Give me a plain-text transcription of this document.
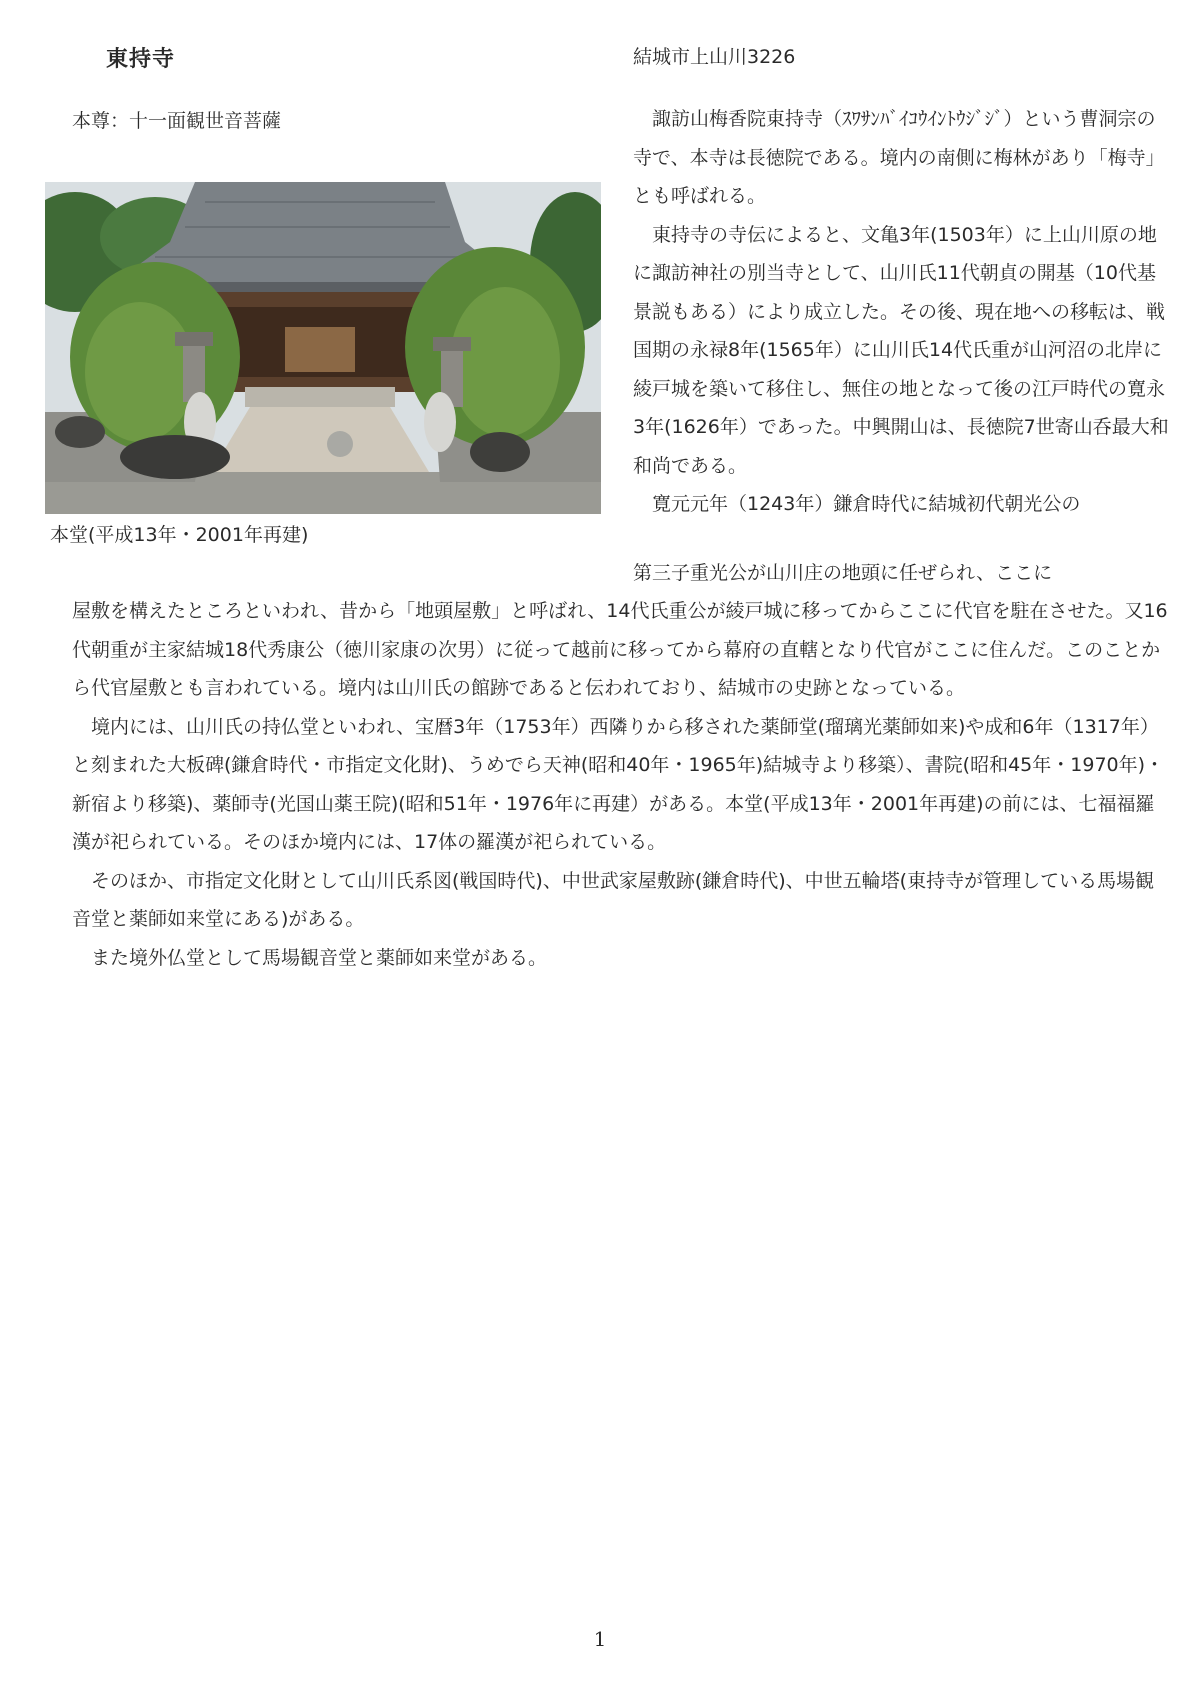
東持寺	結城市上山川3226
本尊：十一面観世音菩薩
本堂(平成13年・2001年再建)

諏訪山梅香院東持寺（ｽﾜｻﾝﾊﾞｲｺｳｲﾝﾄｳｼﾞｼﾞ）という曹洞宗の寺で、本寺は長徳院である。境内の南側に梅林があり「梅寺」とも呼ばれる。

東持寺の寺伝によると、文亀3年(1503年）に上山川原の地に諏訪神社の別当寺として、山川氏11代朝貞の開基（10代基景説もある）により成立した。その後、現在地への移転は、戦国期の永禄8年(1565年）に山川氏14代氏重が山河沼の北岸に綾戸城を築いて移住し、無住の地となって後の江戸時代の寛永3年(1626年）であった。中興開山は、長徳院7世寄山呑最大和和尚である。

寛元元年（1243年）鎌倉時代に結城初代朝光公の

第三子重光公が山川庄の地頭に任ぜられ、ここに

屋敷を構えたところといわれ、昔から「地頭屋敷」と呼ばれ、14代氏重公が綾戸城に移ってからここに代官を駐在させた。又16代朝重が主家結城18代秀康公（徳川家康の次男）に従って越前に移ってから幕府の直轄となり代官がここに住んだ。このことから代官屋敷とも言われている。境内は山川氏の館跡であると伝われており、結城市の史跡となっている。

境内には、山川氏の持仏堂といわれ、宝暦3年（1753年）西隣りから移された薬師堂(瑠璃光薬師如来)や成和6年（1317年）と刻まれた大板碑(鎌倉時代・市指定文化財)、うめでら天神(昭和40年・1965年)結城寺より移築）、書院(昭和45年・1970年)・新宿より移築)、薬師寺(光国山薬王院)(昭和51年・1976年に再建）がある。本堂(平成13年・2001年再建)の前には、七福福羅漢が祀られている。そのほか境内には、17体の羅漢が祀られている。

そのほか、市指定文化財として山川氏系図(戦国時代)、中世武家屋敷跡(鎌倉時代)、中世五輪塔(東持寺が管理している馬場観音堂と薬師如来堂にある)がある。

また境外仏堂として馬場観音堂と薬師如来堂がある。

1
